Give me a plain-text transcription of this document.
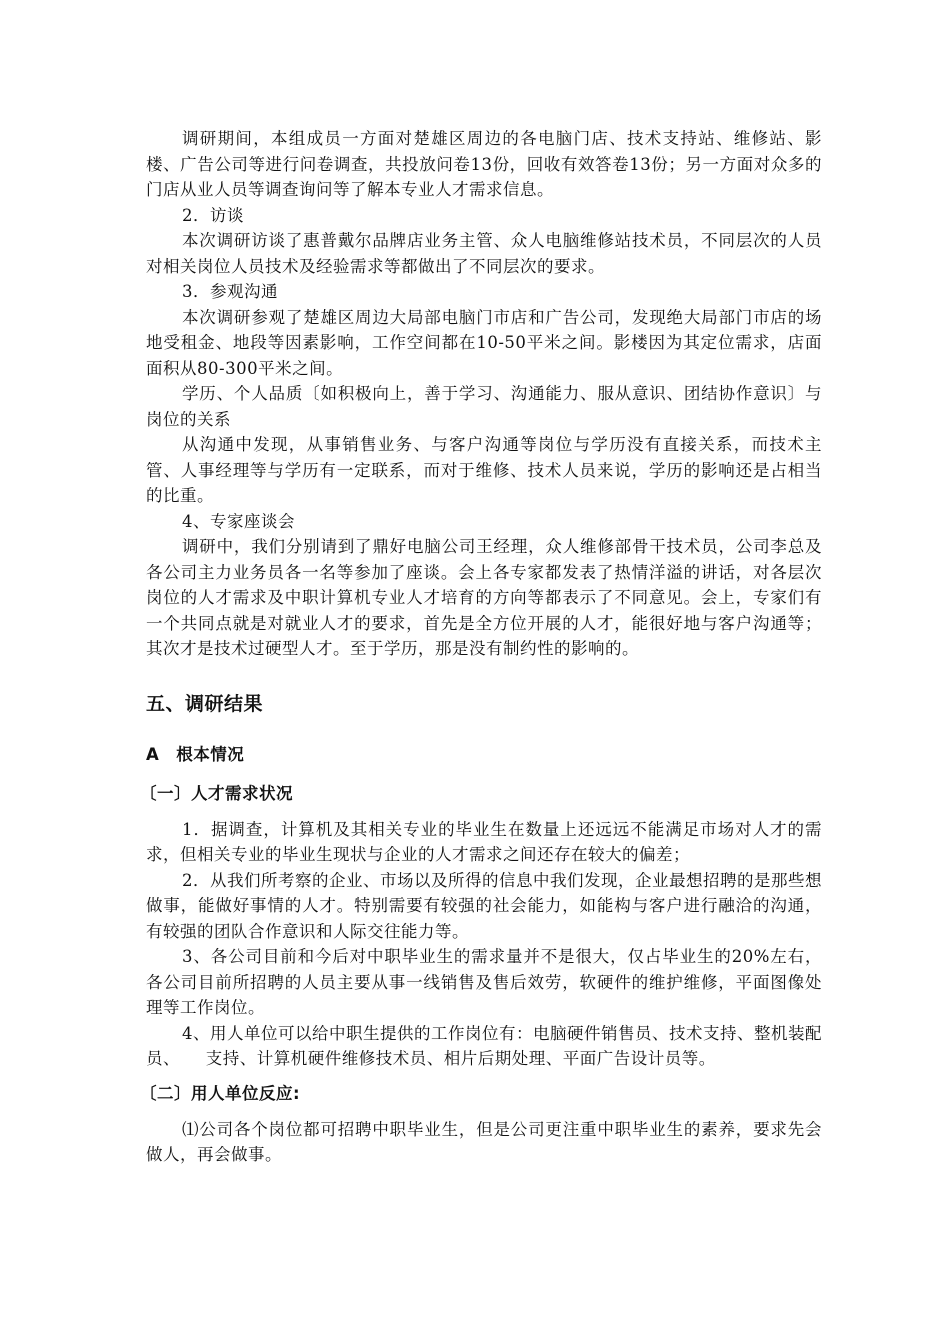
调研期间，本组成员一方面对楚雄区周边的各电脑门店、技术支持站、维修站、影楼、广告公司等进行问卷调查，共投放问卷13份，回收有效答卷13份；另一方面对众多的门店从业人员等调查询问等了解本专业人才需求信息。

2．访谈

本次调研访谈了惠普戴尔品牌店业务主管、众人电脑维修站技术员，不同层次的人员对相关岗位人员技术及经验需求等都做出了不同层次的要求。

3．参观沟通

本次调研参观了楚雄区周边大局部电脑门市店和广告公司，发现绝大局部门市店的场地受租金、地段等因素影响，工作空间都在10-50平米之间。影楼因为其定位需求，店面面积从80-300平米之间。

学历、个人品质〔如积极向上，善于学习、沟通能力、服从意识、团结协作意识〕与岗位的关系

从沟通中发现，从事销售业务、与客户沟通等岗位与学历没有直接关系，而技术主管、人事经理等与学历有一定联系，而对于维修、技术人员来说，学历的影响还是占相当的比重。

4、专家座谈会

调研中，我们分别请到了鼎好电脑公司王经理，众人维修部骨干技术员，公司李总及各公司主力业务员各一名等参加了座谈。会上各专家都发表了热情洋溢的讲话，对各层次岗位的人才需求及中职计算机专业人才培育的方向等都表示了不同意见。会上，专家们有一个共同点就是对就业人才的要求，首先是全方位开展的人才，能很好地与客户沟通等；其次才是技术过硬型人才。至于学历，那是没有制约性的影响的。

五、调研结果
A　根本情况
〔一〕人才需求状况

1．据调查，计算机及其相关专业的毕业生在数量上还远远不能满足市场对人才的需求，但相关专业的毕业生现状与企业的人才需求之间还存在较大的偏差；

2．从我们所考察的企业、市场以及所得的信息中我们发现，企业最想招聘的是那些想做事，能做好事情的人才。特别需要有较强的社会能力，如能构与客户进行融洽的沟通，有较强的团队合作意识和人际交往能力等。

3、各公司目前和今后对中职毕业生的需求量并不是很大，仅占毕业生的20%左右，各公司目前所招聘的人员主要从事一线销售及售后效劳，软硬件的维护维修，平面图像处理等工作岗位。

4、用人单位可以给中职生提供的工作岗位有：电脑硬件销售员、技术支持、整机装配员、　　支持、计算机硬件维修技术员、相片后期处理、平面广告设计员等。

〔二〕用人单位反应:

⑴公司各个岗位都可招聘中职毕业生，但是公司更注重中职毕业生的素养，要求先会做人，再会做事。
